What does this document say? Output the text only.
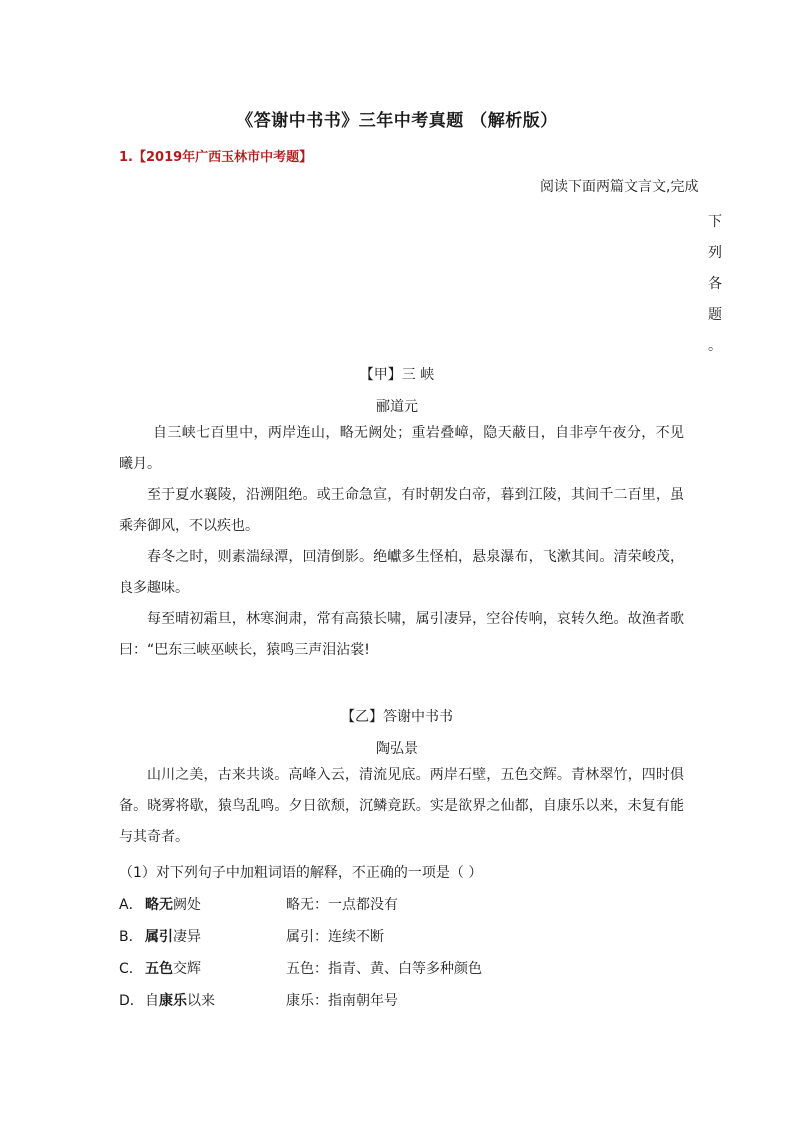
《答谢中书书》三年中考真题 （解析版）
1.【2019年广西玉林市中考题】
阅读下面两篇文言文,完成
下
列
各
题
。
【甲】三 峡
郦道元
自三峡七百里中，两岸连山，略无阙处；重岩叠嶂，隐天蔽日，自非亭午夜分，不见曦月。
至于夏水襄陵，沿溯阻绝。或王命急宣，有时朝发白帝，暮到江陵，其间千二百里，虽乘奔御风，不以疾也。
春冬之时，则素湍绿潭，回清倒影。绝巘多生怪柏，悬泉瀑布，飞漱其间。清荣峻茂，良多趣味。
每至晴初霜旦，林寒涧肃，常有高猿长啸，属引凄异，空谷传响，哀转久绝。故渔者歌曰：“巴东三峡巫峡长，猿鸣三声泪沾裳!
【乙】答谢中书书
陶弘景
山川之美，古来共谈。高峰入云，清流见底。两岸石壁，五色交辉。青林翠竹，四时俱备。晓雾将歇，猿鸟乱鸣。夕日欲颓，沉鳞竟跃。实是欲界之仙都，自康乐以来，未复有能与其奇者。
（1）对下列句子中加粗词语的解释，不正确的一项是（ ）
A． 略无阙处	略无：一点都没有
B． 属引凄异	属引：连续不断
C． 五色交辉	五色：指青、黄、白等多种颜色
D．自康乐以来	康乐：指南朝年号
